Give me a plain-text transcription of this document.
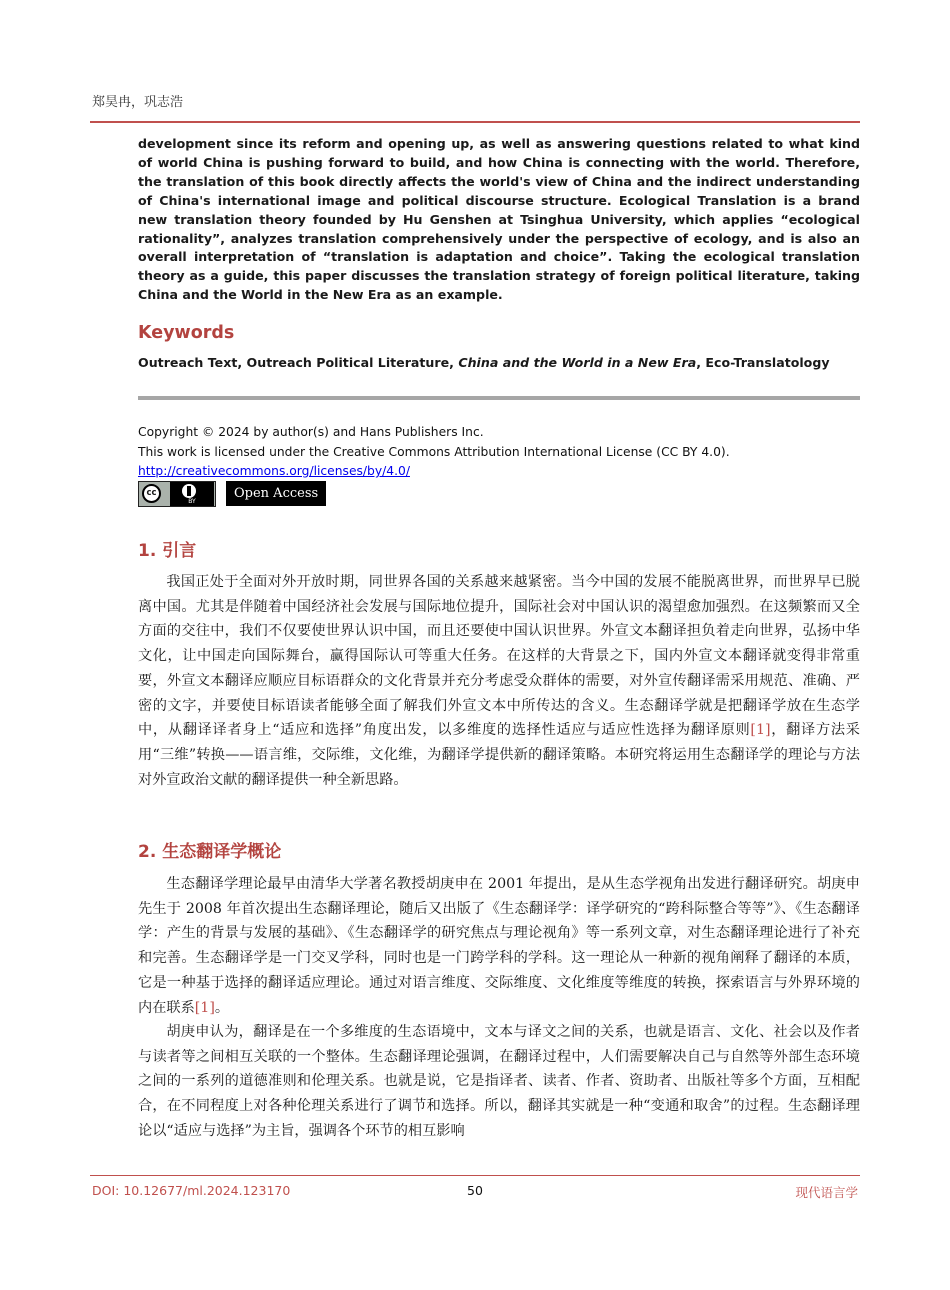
郑昊冉，巩志浩

development since its reform and opening up, as well as answering questions related to what kind of world China is pushing forward to build, and how China is connecting with the world. Therefore, the translation of this book directly affects the world's view of China and the indirect understanding of China's international image and political discourse structure. Ecological Translation is a brand new translation theory founded by Hu Genshen at Tsinghua University, which applies “ecological rationality”, analyzes translation comprehensively under the perspective of ecology, and is also an overall interpretation of “translation is adaptation and choice”. Taking the ecological translation theory as a guide, this paper discusses the translation strategy of foreign political literature, taking China and the World in the New Era as an example.

Keywords
Outreach Text, Outreach Political Literature, China and the World in a New Era, Eco-Translatology
Copyright © 2024 by author(s) and Hans Publishers Inc.
This work is licensed under the Creative Commons Attribution International License (CC BY 4.0).
http://creativecommons.org/licenses/by/4.0/
cc
BY
Open Access
1. 引言

我国正处于全面对外开放时期，同世界各国的关系越来越紧密。当今中国的发展不能脱离世界，而世界早已脱离中国。尤其是伴随着中国经济社会发展与国际地位提升，国际社会对中国认识的渴望愈加强烈。在这频繁而又全方面的交往中，我们不仅要使世界认识中国，而且还要使中国认识世界。外宣文本翻译担负着走向世界，弘扬中华文化，让中国走向国际舞台，赢得国际认可等重大任务。在这样的大背景之下，国内外宣文本翻译就变得非常重要，外宣文本翻译应顺应目标语群众的文化背景并充分考虑受众群体的需要，对外宣传翻译需采用规范、准确、严密的文字，并要使目标语读者能够全面了解我们外宣文本中所传达的含义。生态翻译学就是把翻译学放在生态学中，从翻译译者身上“适应和选择”角度出发，以多维度的选择性适应与适应性选择为翻译原则[1]，翻译方法采用“三维”转换——语言维，交际维，文化维，为翻译学提供新的翻译策略。本研究将运用生态翻译学的理论与方法对外宣政治文献的翻译提供一种全新思路。

2. 生态翻译学概论

生态翻译学理论最早由清华大学著名教授胡庚申在 2001 年提出，是从生态学视角出发进行翻译研究。胡庚申先生于 2008 年首次提出生态翻译理论，随后又出版了《生态翻译学：译学研究的“跨科际整合等等”》、《生态翻译学：产生的背景与发展的基础》、《生态翻译学的研究焦点与理论视角》等一系列文章，对生态翻译理论进行了补充和完善。生态翻译学是一门交叉学科，同时也是一门跨学科的学科。这一理论从一种新的视角阐释了翻译的本质，它是一种基于选择的翻译适应理论。通过对语言维度、交际维度、文化维度等维度的转换，探索语言与外界环境的内在联系[1]。

胡庚申认为，翻译是在一个多维度的生态语境中，文本与译文之间的关系，也就是语言、文化、社会以及作者与读者等之间相互关联的一个整体。生态翻译理论强调，在翻译过程中，人们需要解决自己与自然等外部生态环境之间的一系列的道德准则和伦理关系。也就是说，它是指译者、读者、作者、资助者、出版社等多个方面，互相配合，在不同程度上对各种伦理关系进行了调节和选择。所以，翻译其实就是一种“变通和取舍”的过程。生态翻译理论以“适应与选择”为主旨，强调各个环节的相互影响

DOI: 10.12677/ml.2024.123170	50	现代语言学
